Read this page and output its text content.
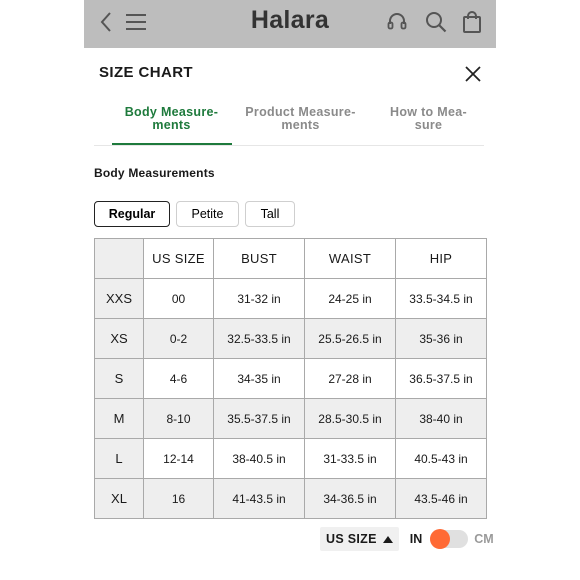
Halara
SIZE CHART
Body Measure-
ments
Product Measure-
ments
How to Mea-
sure
Body Measurements
Regular	Petite	Tall
	US SIZE	BUST	WAIST	HIP
XXS	00	31-32 in	24-25 in	33.5-34.5 in
XS	0-2	32.5-33.5 in	25.5-26.5 in	35-36 in
S	4-6	34-35 in	27-28 in	36.5-37.5 in
M	8-10	35.5-37.5 in	28.5-30.5 in	38-40 in
L	12-14	38-40.5 in	31-33.5 in	40.5-43 in
XL	16	41-43.5 in	34-36.5 in	43.5-46 in
US SIZE	IN	CM
